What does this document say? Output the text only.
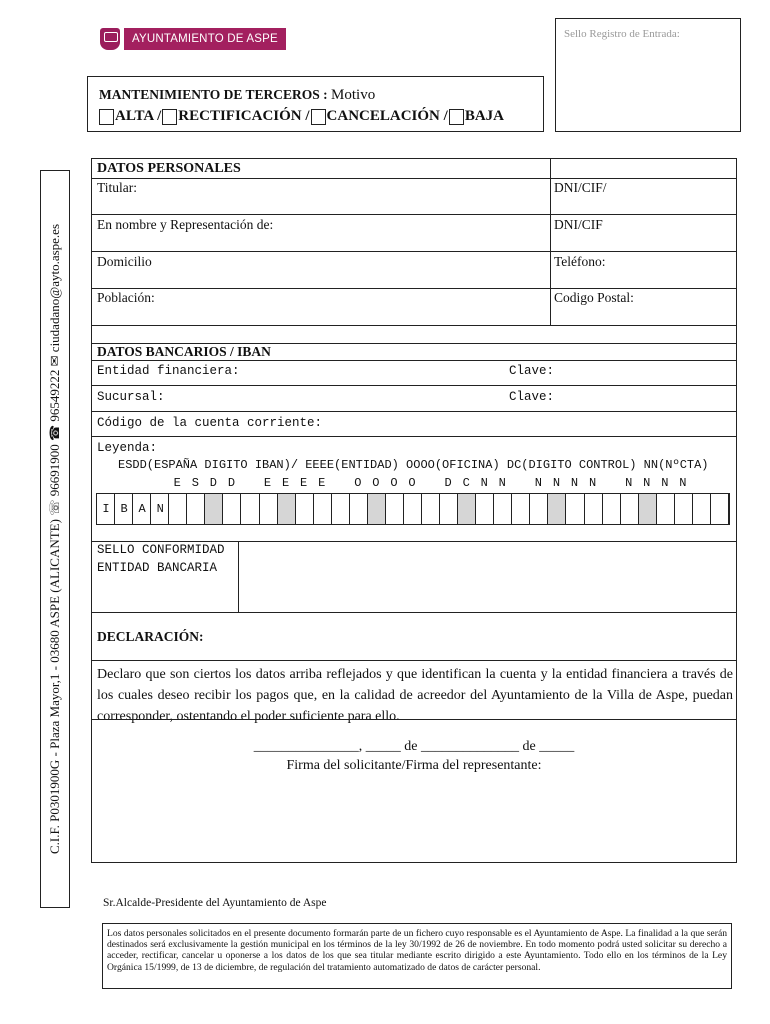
AYUNTAMIENTO DE ASPE	Sello Registro de Entrada:
MANTENIMIENTO DE TERCEROS : Motivo
ALTA / RECTIFICACIÓN / CANCELACIÓN / BAJA
C.I.F. P0301900G - Plaza Mayor,1 - 03680 ASPE (ALICANTE) ☏ 96691900 ☎ 96549222 ✉ ciudadano@ayto.aspe.es
DATOS PERSONALES
Titular:	DNI/CIF/
En nombre y Representación de:	DNI/CIF
Domicilio	Teléfono:
Población:	Codigo Postal:
DATOS BANCARIOS / IBAN
Entidad financiera:	Clave:
Sucursal:	Clave:
Código de la cuenta corriente:
Leyenda:
ESDD(ESPAÑA DIGITO IBAN)/ EEEE(ENTIDAD) OOOO(OFICINA) DC(DIGITO CONTROL) NN(NºCTA)
E S D D	E E E E	O O O O	D C N N	N N N N	N N N N
I B A N
SELLO CONFORMIDAD
ENTIDAD BANCARIA
DECLARACIÓN:
Declaro que son ciertos los datos arriba reflejados y que identifican la cuenta y la entidad financiera a través de los cuales deseo recibir los pagos que, en la calidad de acreedor del Ayuntamiento de la Villa de Aspe, puedan corresponder, ostentando el poder suficiente para ello.
_______________, _____ de ______________ de _____
Firma del solicitante/Firma del representante:
Sr.Alcalde-Presidente del Ayuntamiento de Aspe
Los datos personales solicitados en el presente documento formarán parte de un fichero cuyo responsable es el Ayuntamiento de Aspe. La finalidad a la que serán destinados será exclusivamente la gestión municipal en los términos de la ley 30/1992 de 26 de noviembre. En todo momento podrá usted solicitar su derecho a acceder, rectificar, cancelar u oponerse a los datos de los que sea titular mediante escrito dirigido a este Ayuntamiento. Todo ello en los términos de la Ley Orgánica 15/1999, de 13 de diciembre, de regulación del tratamiento automatizado de datos de carácter personal.
